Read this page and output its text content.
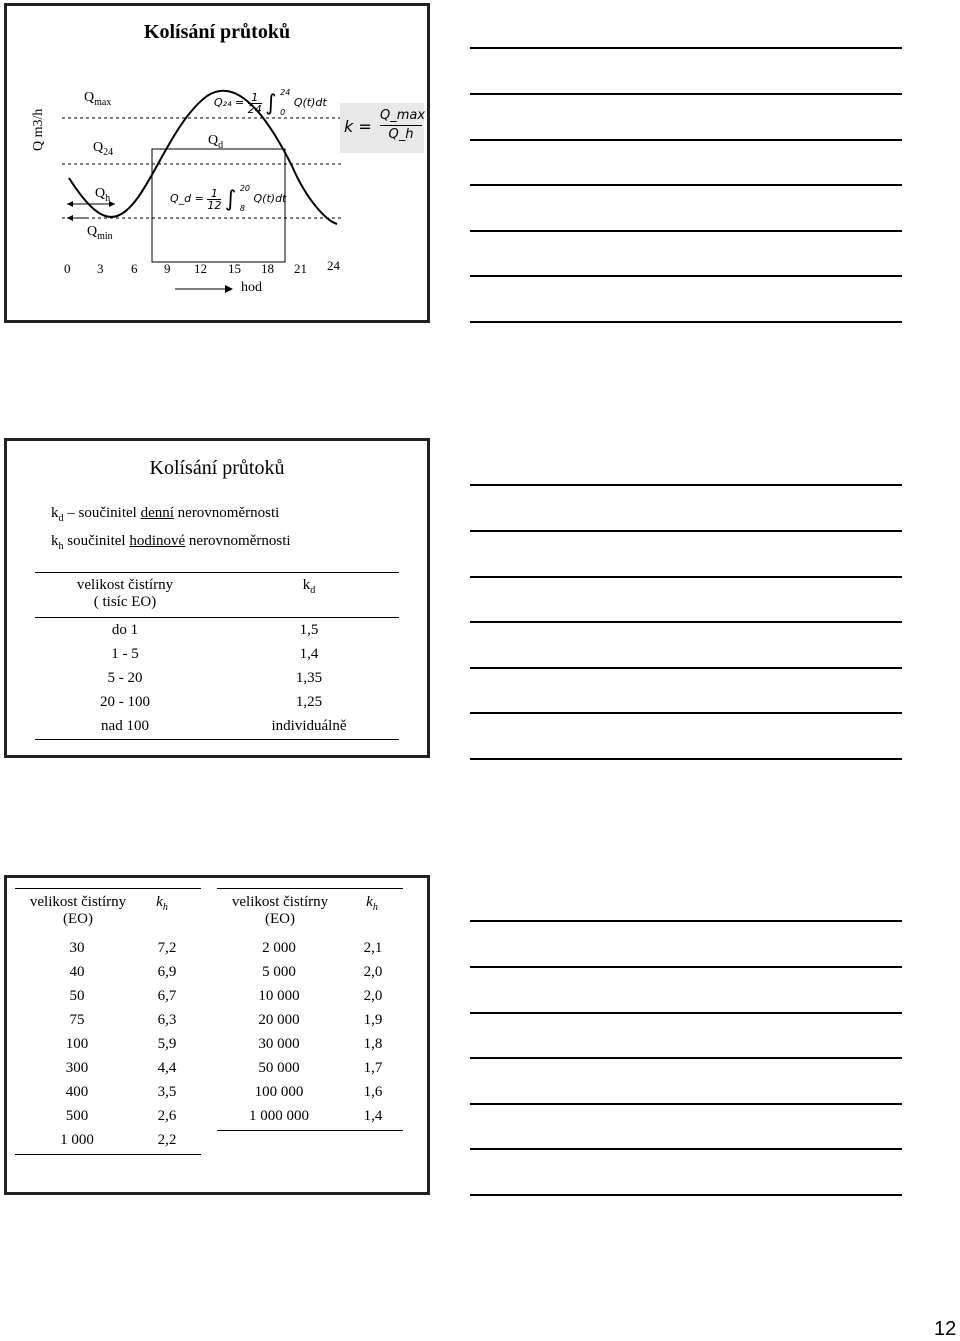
Kolísání průtoků
Q m3/h
$Q_{max}$
$Q_{24}$
$Q_d$
$Q_h$
$Q_{min}$
0 3 6 9 12 15 18 21 24
hod
$Q_{24} = \frac{1}{24}$ ∫ 24

0
Q(t)dt
Q_d = $\frac{1}{12}$ ∫ 20

8
Q(t)dt
k =
Q_max
Q_h
Kolísání průtoků
$k_d$ – součinitel denní nerovnoměrnosti
$k_h$ součinitel hodinové nerovnoměrnosti
velikost čistírny
( tisíc EO)
$k_d$
do 1	1,5
1 - 5	1,4
5 - 20	1,35
20 - 100	1,25
nad 100	individuálně
velikost čistírny
(EO)
$k_h$
30	7,2
40	6,9
50	6,7
75	6,3
100	5,9
300	4,4
400	3,5
500	2,6
1 000	2,2
velikost čistírny
(EO)
$k_h$
2 000	2,1
5 000	2,0
10 000	2,0
20 000	1,9
30 000	1,8
50 000	1,7
100 000	1,6
1 000 000	1,4
12
